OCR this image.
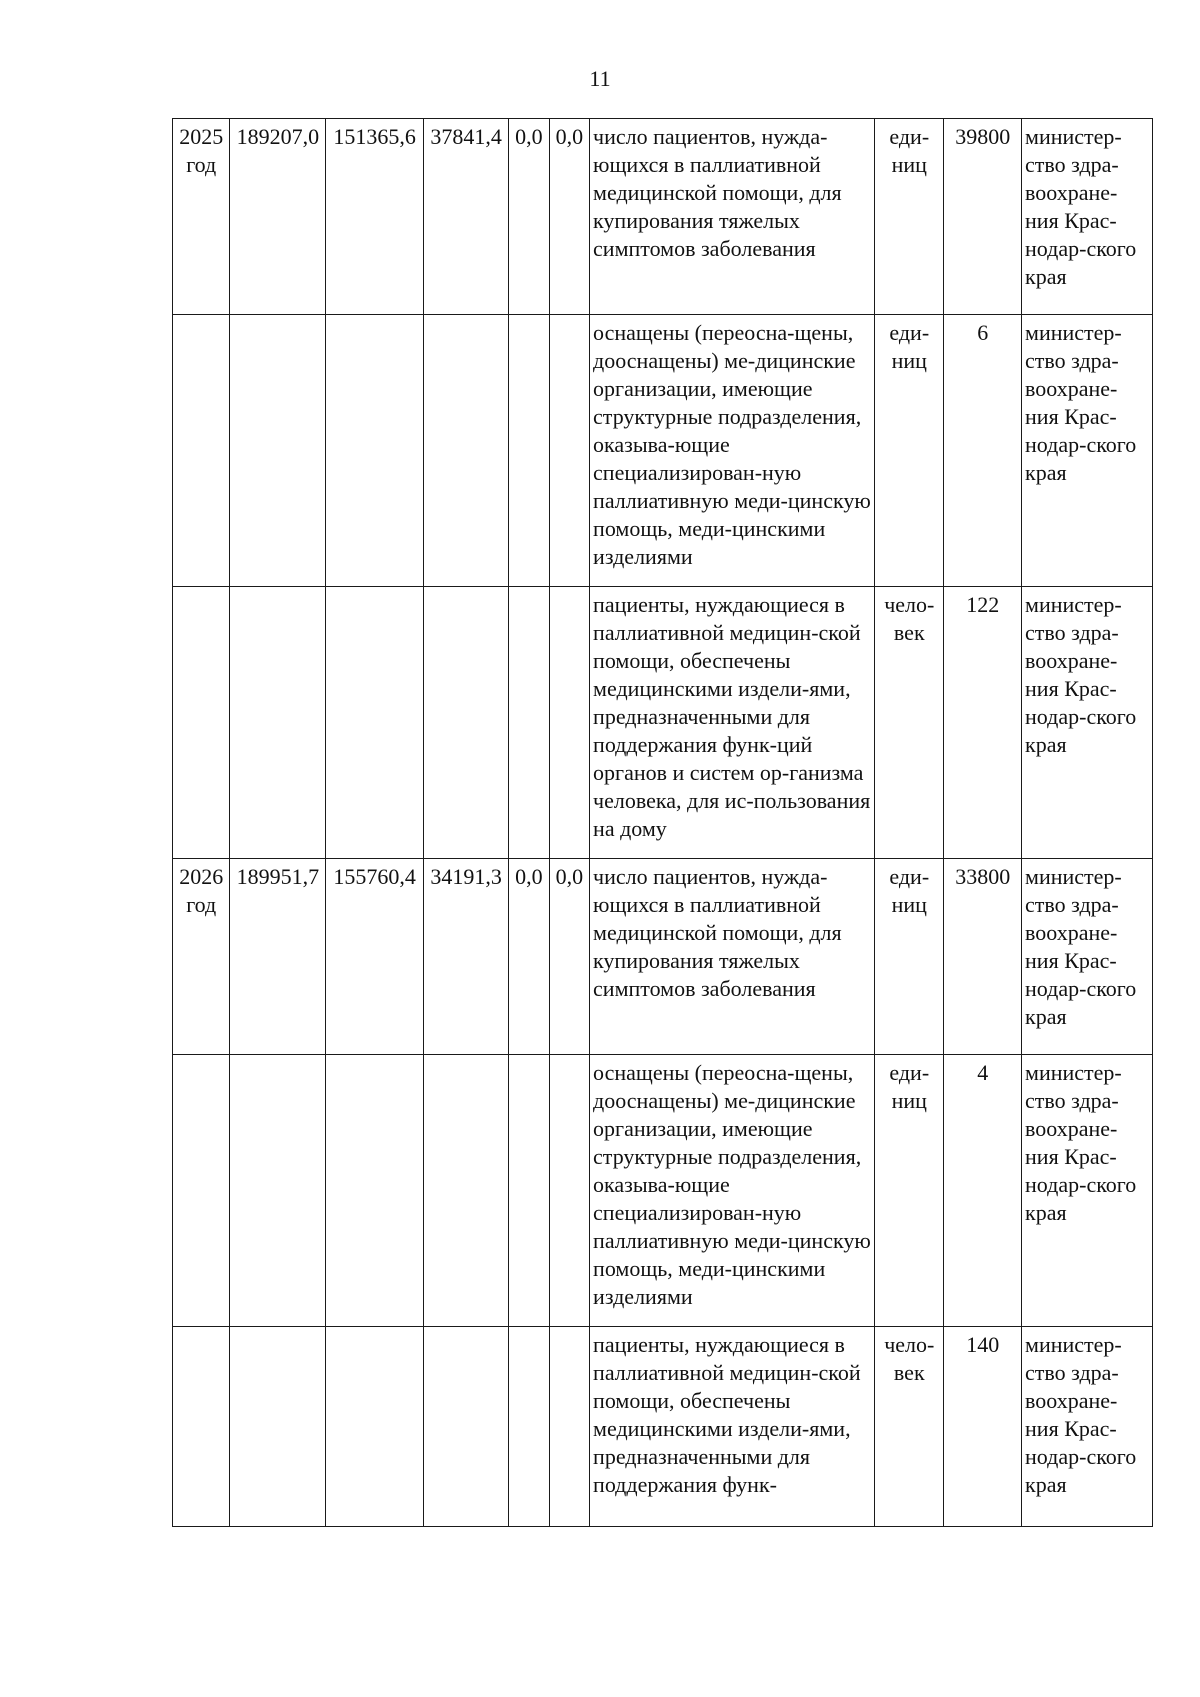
11
2025
год	189207,0	151365,6	37841,4	0,0	0,0	число пациентов, нужда-ющихся в паллиативной медицинской помощи, для купирования тяжелых симптомов заболевания	еди-ниц	39800	министер-ство здра-воохране-ния Крас-нодар-ского края
						оснащены (переосна-щены, дооснащены) ме-дицинские организации, имеющие структурные подразделения, оказыва-ющие специализирован-ную паллиативную меди-цинскую помощь, меди-цинскими изделиями	еди-ниц	6	министер-ство здра-воохране-ния Крас-нодар-ского края
						пациенты, нуждающиеся в паллиативной медицин-ской помощи, обеспечены медицинскими издели-ями, предназначенными для поддержания функ-ций органов и систем ор-ганизма человека, для ис-пользования на дому	чело-век	122	министер-ство здра-воохране-ния Крас-нодар-ского края
2026
год	189951,7	155760,4	34191,3	0,0	0,0	число пациентов, нужда-ющихся в паллиативной медицинской помощи, для купирования тяжелых симптомов заболевания	еди-ниц	33800	министер-ство здра-воохране-ния Крас-нодар-ского края
						оснащены (переосна-щены, дооснащены) ме-дицинские организации, имеющие структурные подразделения, оказыва-ющие специализирован-ную паллиативную меди-цинскую помощь, меди-цинскими изделиями	еди-ниц	4	министер-ство здра-воохране-ния Крас-нодар-ского края
						пациенты, нуждающиеся в паллиативной медицин-ской помощи, обеспечены медицинскими издели-ями, предназначенными для поддержания функ-	чело-век	140	министер-ство здра-воохране-ния Крас-нодар-ского края
